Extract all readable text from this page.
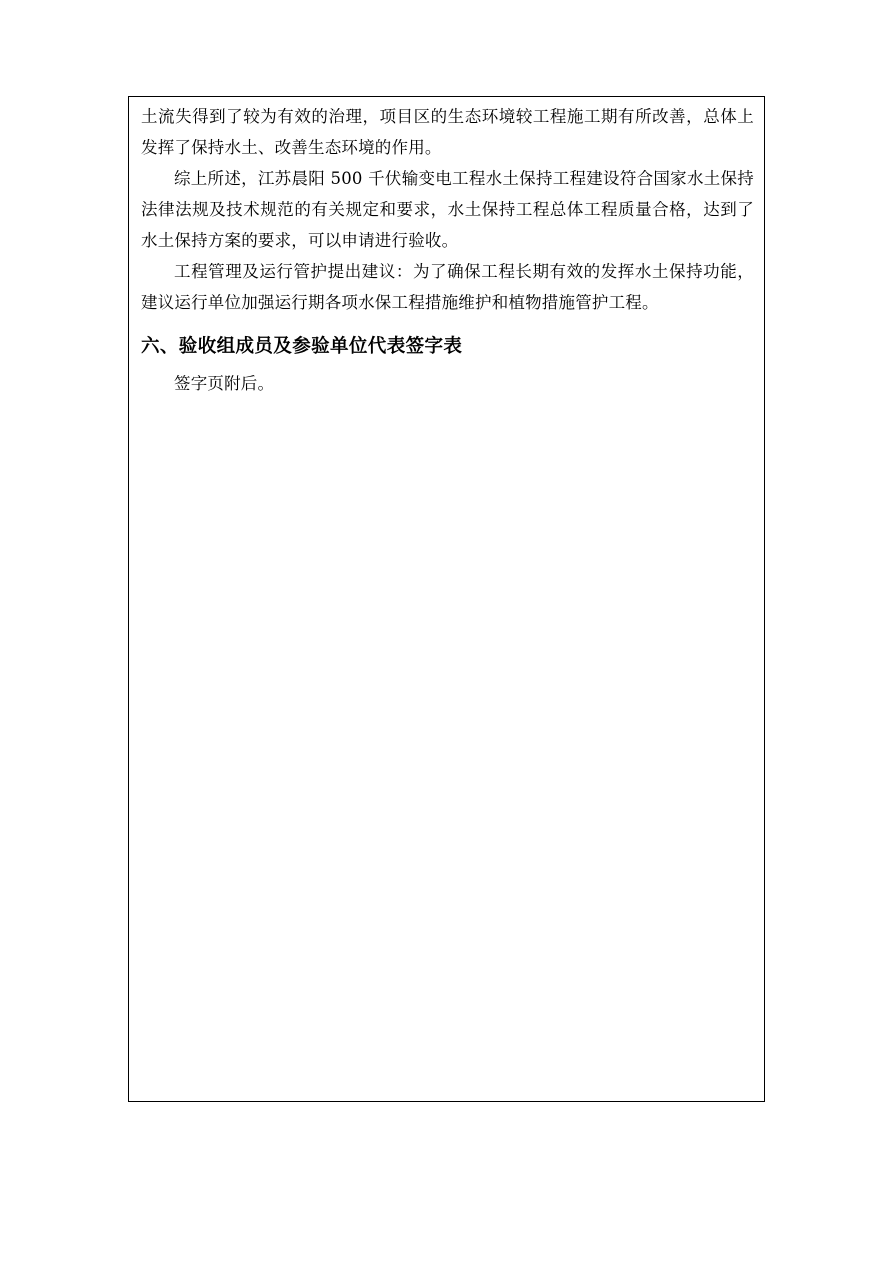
土流失得到了较为有效的治理，项目区的生态环境较工程施工期有所改善，总体上发挥了保持水土、改善生态环境的作用。

综上所述，江苏晨阳 500 千伏输变电工程水土保持工程建设符合国家水土保持法律法规及技术规范的有关规定和要求，水土保持工程总体工程质量合格，达到了水土保持方案的要求，可以申请进行验收。

工程管理及运行管护提出建议：为了确保工程长期有效的发挥水土保持功能，建议运行单位加强运行期各项水保工程措施维护和植物措施管护工程。

六、验收组成员及参验单位代表签字表

签字页附后。
